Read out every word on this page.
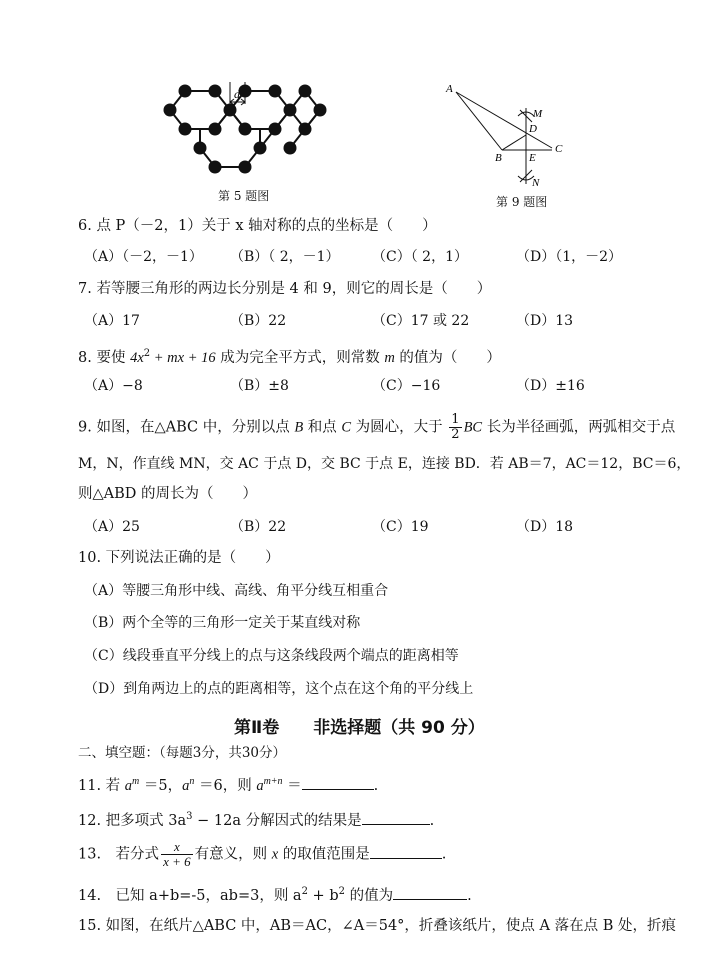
d
第 5 题图
A
M
D
B E
C
N
第 9 题图
6. 点 P（－2，1）关于 x 轴对称的点的坐标是（　　）
（A）（－2，－1） （B）（ 2，－1） （C）（ 2，1）	（D）（1，－2）
7. 若等腰三角形的两边长分别是 4 和 9，则它的周长是（　　）
（A）17	（B）22	（C）17 或 22	（D）13
8. 要使 $4x^2$ + mx + 16 成为完全平方式，则常数 m 的值为（　　）
（A）−8	（B）±8	（C）−16	（D）±16
9. 如图，在△ABC 中，分别以点 B 和点 C 为圆心，大于 $\frac{1}{2}$ BC 长为半径画弧，两弧相交于点
M，N，作直线 MN，交 AC 于点 D，交 BC 于点 E，连接 BD．若 AB＝7，AC＝12，BC＝6，
则△ABD 的周长为（　　）
（A）25	（B）22	（C）19	（D）18
10. 下列说法正确的是（　　）
（A）等腰三角形中线、高线、角平分线互相重合
（B）两个全等的三角形一定关于某直线对称
（C）线段垂直平分线上的点与这条线段两个端点的距离相等
（D）到角两边上的点的距离相等，这个点在这个角的平分线上
第Ⅱ卷　　非选择题（共 90 分）
二、填空题：（每题3分，共30分）
11. 若 $a^m =5$，$a^n =6$，则 $a^{m+n}$ ＝	.
12. 把多项式 $3a^3 - 12a$ 分解因式的结果是	.
13.　若分式 $\frac{x}{x + 6}$ 有意义，则 x 的取值范围是	.
14.　已知 a+b=-5，ab=3，则 $a^2 + b^2$ 的值为	.
15. 如图，在纸片△ABC 中，AB＝AC，∠A＝54°，折叠该纸片，使点 A 落在点 B 处，折痕
